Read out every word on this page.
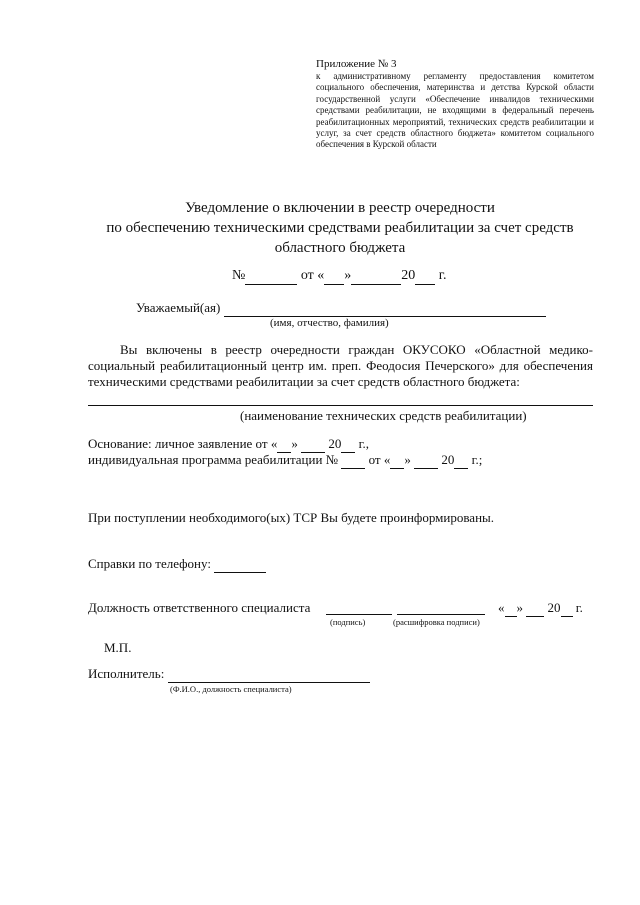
Приложение № 3
к административному регламенту предоставления комитетом социального обеспечения, материнства и детства Курской области государственной услуги «Обеспечение инвалидов техническими средствами реабилитации, не входящими в федеральный перечень реабилитационных мероприятий, технических средств реабилитации и услуг, за счет средств областного бюджета» комитетом социального обеспечения в Курской области
Уведомление о включении в реестр очередности
по обеспечению техническими средствами реабилитации за счет средств
областного бюджета
№	от « »	20 г.
Уважаемый(ая)
(имя, отчество, фамилия)
Вы включены в реестр очередности граждан ОКУСОКО «Областной медико-социальный реабилитационный центр им. преп. Феодосия Печерского» для обеспечения техническими средствами реабилитации за счет средств областного бюджета:
(наименование технических средств реабилитации)
Основание: личное заявление от « » 20 г.,
индивидуальная программа реабилитации № от « » 20 г.;
При поступлении необходимого(ых) ТСР Вы будете проинформированы.
Справки по телефону:
Должность ответственного специалиста	« » 20 г.
(подпись)	(расшифровка подписи)
М.П.
Исполнитель:
(Ф.И.О., должность специалиста)
